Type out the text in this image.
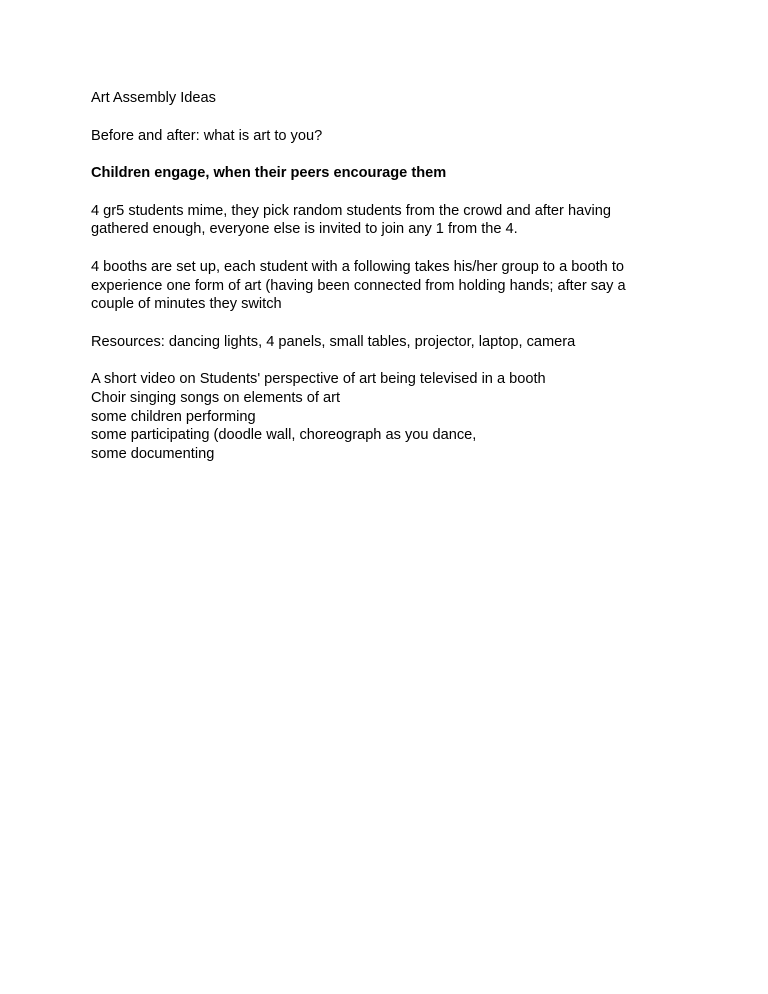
Art Assembly Ideas

Before and after: what is art to you?

Children engage, when their peers encourage them

4 gr5 students mime, they pick random students from the crowd and after having
gathered enough, everyone else is invited to join any 1 from the 4.

4 booths are set up, each student with a following takes his/her group to a booth to
experience one form of art (having been connected from holding hands; after say a
couple of minutes they switch

Resources: dancing lights, 4 panels, small tables, projector, laptop, camera

A short video on Students' perspective of art being televised in a booth
Choir singing songs on elements of art
some children performing
some participating (doodle wall, choreograph as you dance,
some documenting
